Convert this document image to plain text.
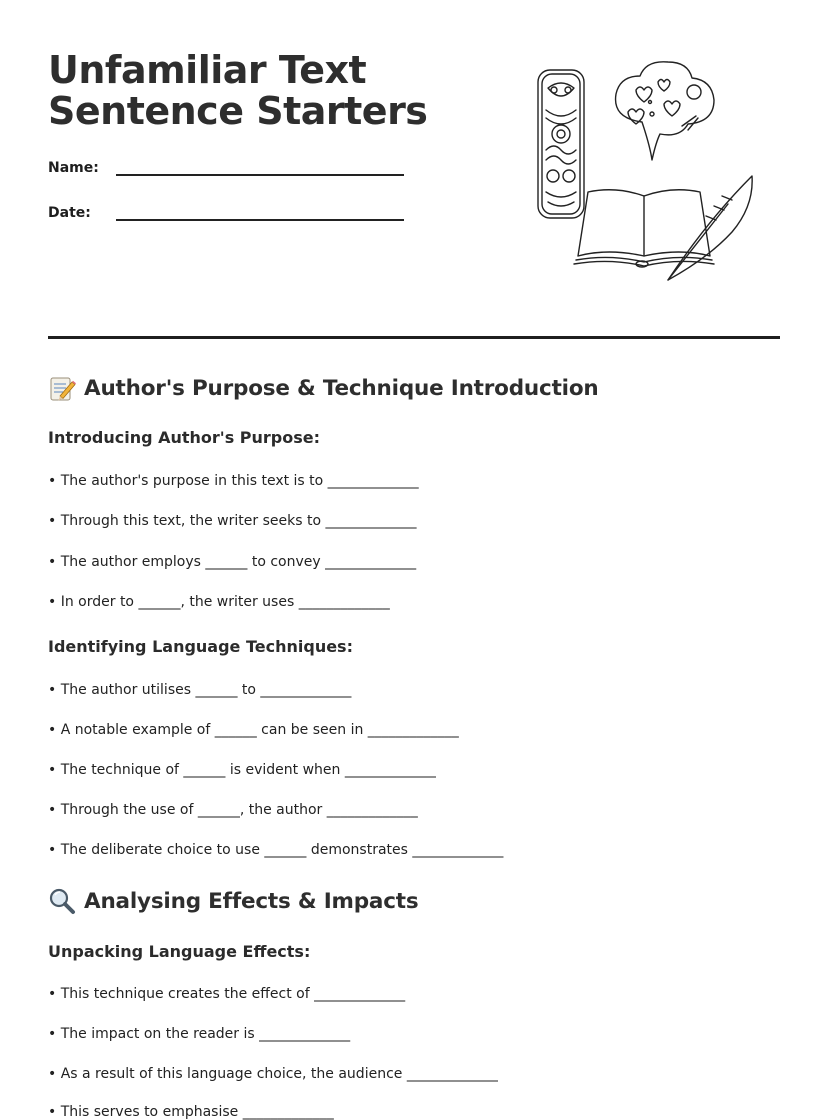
Unfamiliar Text
Sentence Starters
Name:
Date:
Author's Purpose & Technique Introduction
Introducing Author's Purpose:
• The author's purpose in this text is to _____________
• Through this text, the writer seeks to _____________
• The author employs ______ to convey _____________
• In order to ______, the writer uses _____________
Identifying Language Techniques:
• The author utilises ______ to _____________
• A notable example of ______ can be seen in _____________
• The technique of ______ is evident when _____________
• Through the use of ______, the author _____________
• The deliberate choice to use ______ demonstrates _____________
Analysing Effects & Impacts
Unpacking Language Effects:
• This technique creates the effect of _____________
• The impact on the reader is _____________
• As a result of this language choice, the audience _____________
• This serves to emphasise _____________
